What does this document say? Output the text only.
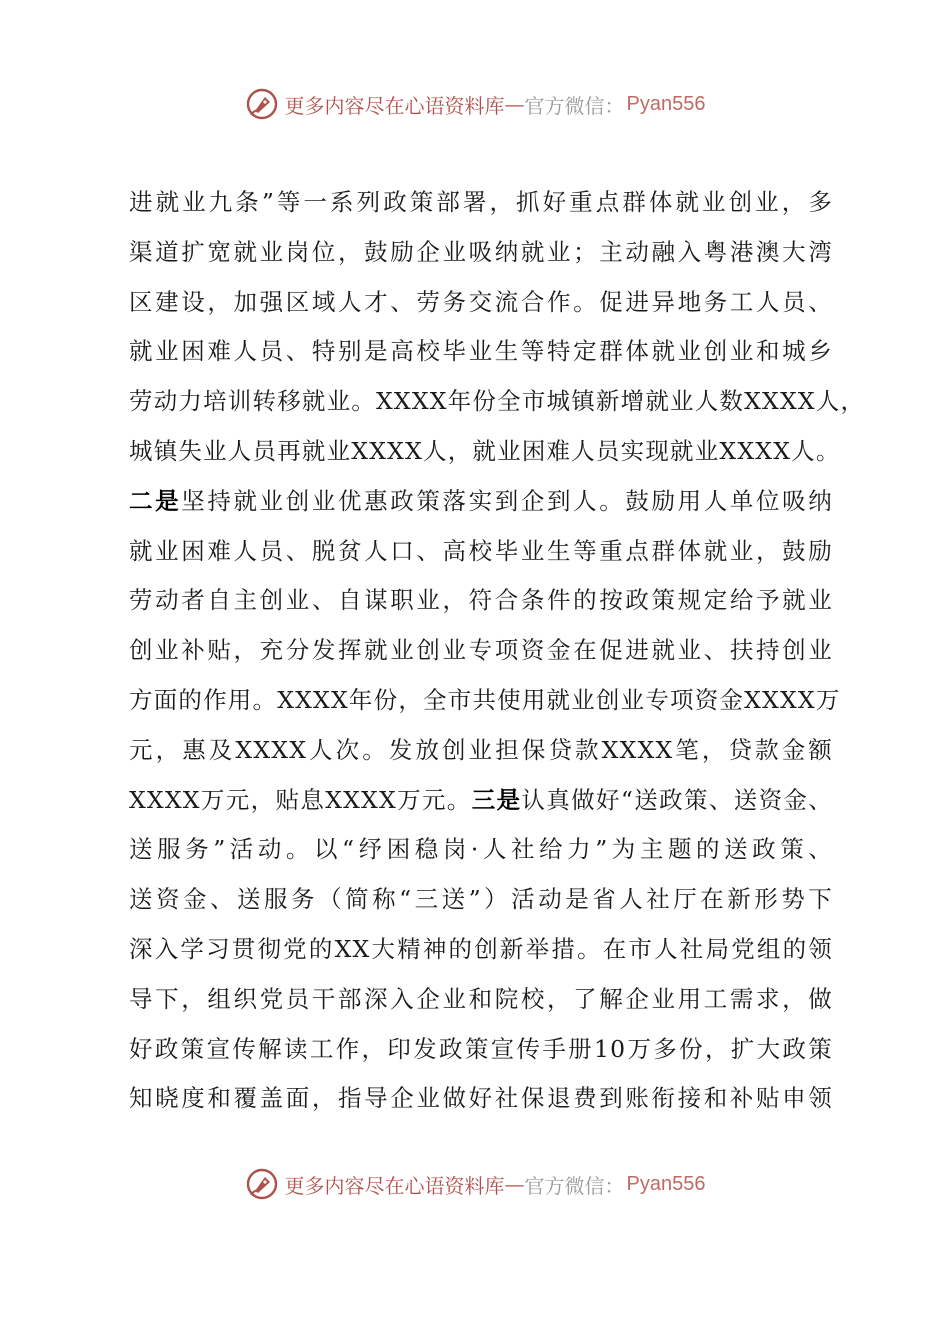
更多内容尽在心语资料库 — 官方微信： Pyan556
进就业九条”等一系列政策部署，抓好重点群体就业创业，多
渠道扩宽就业岗位，鼓励企业吸纳就业；主动融入粤港澳大湾
区建设，加强区域人才、劳务交流合作。促进异地务工人员、
就业困难人员、特别是高校毕业生等特定群体就业创业和城乡
劳动力培训转移就业。XXXX年份全市城镇新增就业人数XXXX人，
城镇失业人员再就业XXXX人，就业困难人员实现就业XXXX人。
二是坚持就业创业优惠政策落实到企到人。鼓励用人单位吸纳
就业困难人员、脱贫人口、高校毕业生等重点群体就业，鼓励
劳动者自主创业、自谋职业，符合条件的按政策规定给予就业
创业补贴，充分发挥就业创业专项资金在促进就业、扶持创业
方面的作用。XXXX年份，全市共使用就业创业专项资金XXXX万
元，惠及XXXX人次。发放创业担保贷款XXXX笔，贷款金额
XXXX万元，贴息XXXX万元。三是认真做好“送政策、送资金、
送服务”活动。以“纾困稳岗·人社给力”为主题的送政策、
送资金、送服务（简称“三送”）活动是省人社厅在新形势下
深入学习贯彻党的XX大精神的创新举措。在市人社局党组的领
导下，组织党员干部深入企业和院校，了解企业用工需求，做
好政策宣传解读工作，印发政策宣传手册10万多份，扩大政策
知晓度和覆盖面，指导企业做好社保退费到账衔接和补贴申领
更多内容尽在心语资料库 — 官方微信： Pyan556
